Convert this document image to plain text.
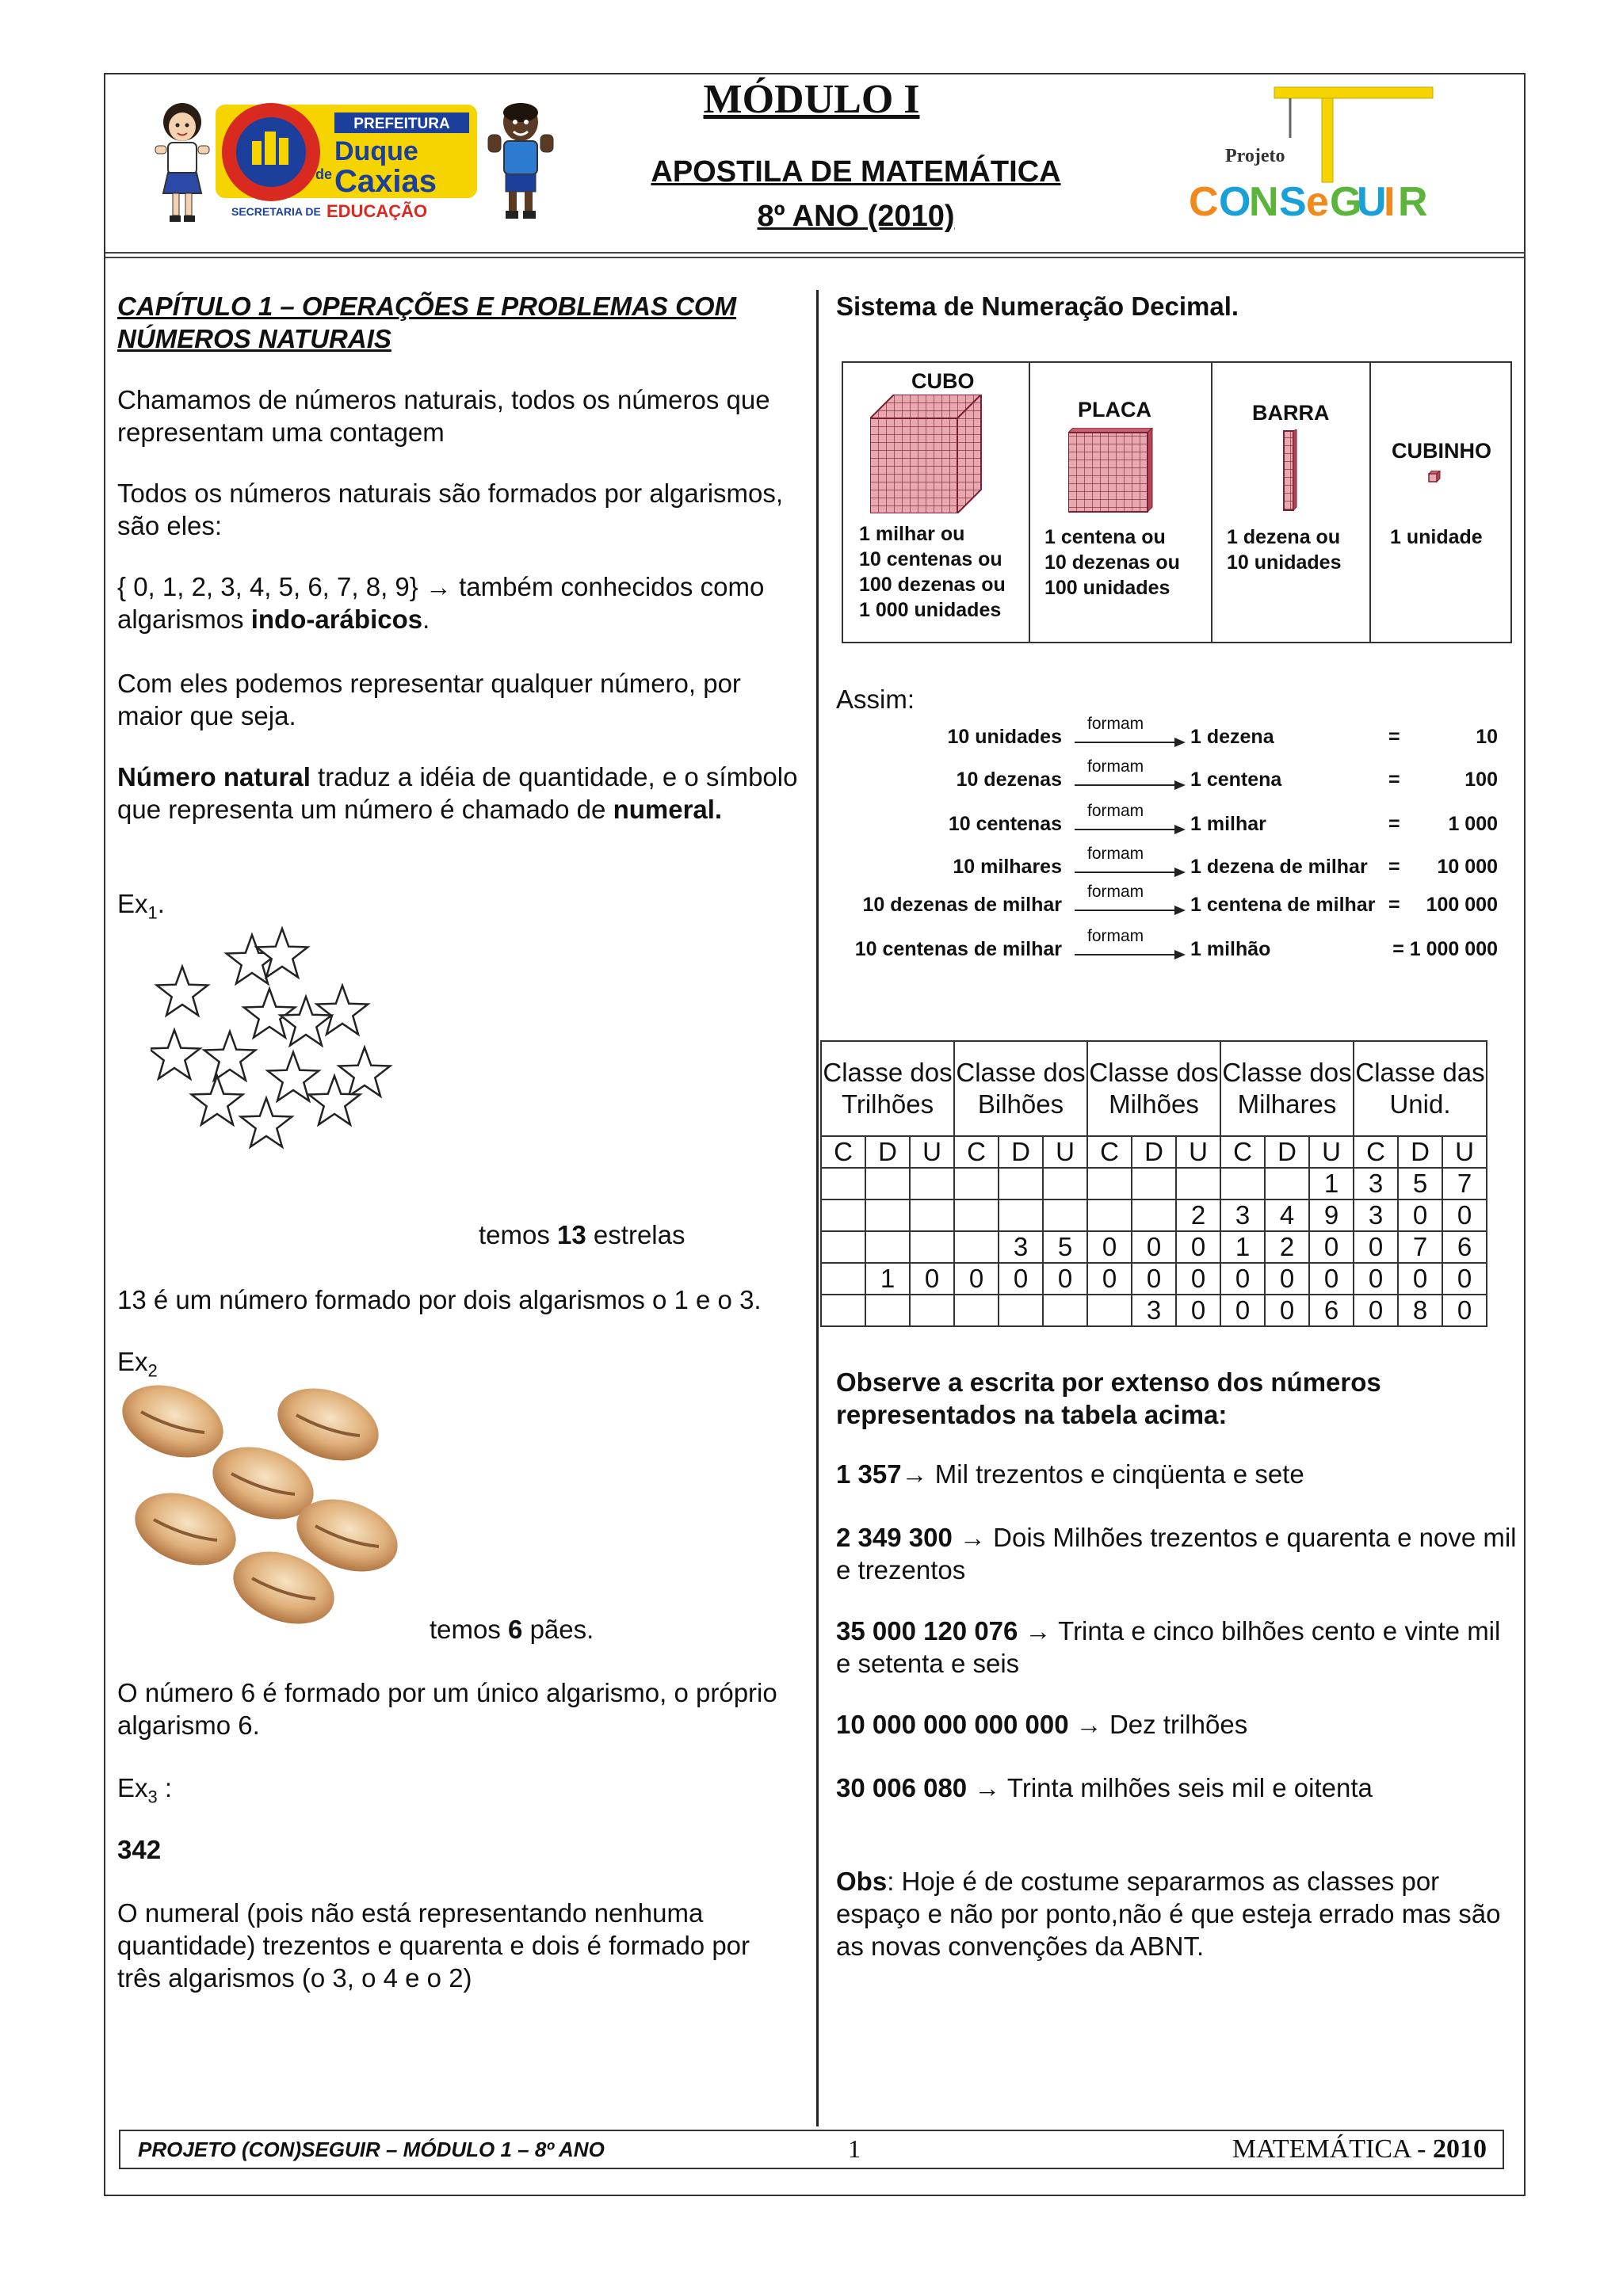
PREFEITURA
Duque
de Caxias
SECRETARIA DE EDUCAÇÃO
MÓDULO I
APOSTILA DE MATEMÁTICA
8º ANO (2010)
Projeto
C O
N S e G
U
I R
CAPÍTULO 1 – OPERAÇÕES E PROBLEMAS COM NÚMEROS NATURAIS
Chamamos de números naturais, todos os números que representam uma contagem
Todos os números naturais são formados por algarismos, são eles:
{ 0, 1, 2, 3, 4, 5, 6, 7, 8, 9} → também conhecidos como algarismos indo-arábicos.
Com eles podemos representar qualquer número, por maior que seja.
Número natural traduz a idéia de quantidade, e o símbolo que representa um número é chamado de numeral.
$Ex_1$.
temos 13 estrelas
13 é um número formado por dois algarismos o 1 e o 3.
$Ex_2$
temos 6 pães.
O número 6 é formado por um único algarismo, o próprio algarismo 6.
$Ex_3$ :
342
O numeral (pois não está representando nenhuma quantidade) trezentos e quarenta e dois é formado por três algarismos (o 3, o 4 e o 2)
Sistema de Numeração Decimal.
CUBO
1 milhar ou
10 centenas ou
100 dezenas ou
1 000 unidades
PLACA
1 centena ou
10 dezenas ou
100 unidades
BARRA
1 dezena ou
10 unidades
CUBINHO
1 unidade
Assim:
10 unidades
formam
1 dezena	=	10
10 dezenas
formam
1 centena	=	100
10 centenas
formam
1 milhar	=	1 000
10 milhares
formam
1 dezena de milhar =	10 000
10 dezenas de milhar
formam
1 centena de milhar =	100 000
10 centenas de milhar
formam
1 milhão	= 1 000 000
Classe dos Trilhões			Classe dos Bilhões			Classe dos Milhões			Classe dos Milhares			Classe das Unid.		
C	D	U	C	D	U	C	D	U	C	D	U	C	D	U
											1	3	5	7
								2	3	4	9	3	0	0
				3	5	0	0	0	1	2	0	0	7	6
	1	0	0	0	0	0	0	0	0	0	0	0	0	0
							3	0	0	0	6	0	8	0
Observe a escrita por extenso dos números representados na tabela acima:
1 357→ Mil trezentos e cinqüenta e sete
2 349 300 → Dois Milhões trezentos e quarenta e nove mil e trezentos
35 000 120 076 → Trinta e cinco bilhões cento e vinte mil e setenta e seis
10 000 000 000 000 → Dez trilhões
30 006 080 → Trinta milhões seis mil e oitenta
Obs: Hoje é de costume separarmos as classes por espaço e não por ponto,não é que esteja errado mas são as novas convenções da ABNT.
PROJETO (CON)SEGUIR – MÓDULO 1 – 8º ANO	1	MATEMÁTICA - 2010
